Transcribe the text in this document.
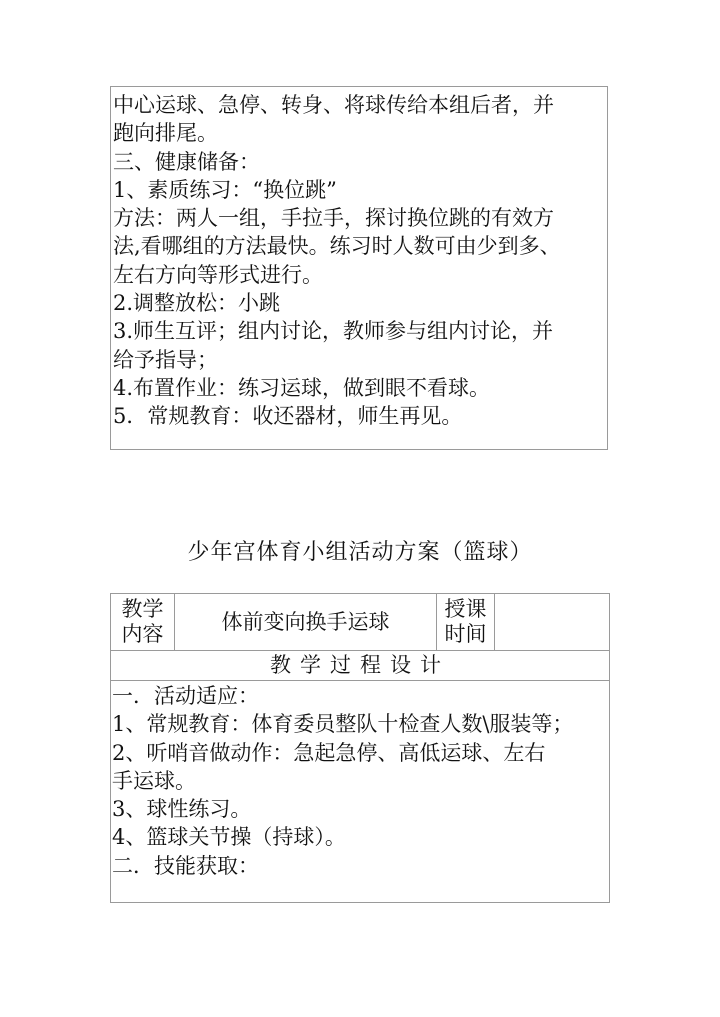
中心运球、急停、转身、将球传给本组后者，并
跑向排尾。
三、健康储备：
1、素质练习：“换位跳”
方法：两人一组，手拉手，探讨换位跳的有效方
法,看哪组的方法最快。练习时人数可由少到多、
左右方向等形式进行。
2.调整放松：小跳
3.师生互评；组内讨论，教师参与组内讨论，并
给予指导；
4.布置作业：练习运球，做到眼不看球。
5．常规教育：收还器材，师生再见。
少年宫体育小组活动方案（篮球）
教学
内容	体前变向换手运球
授课
时间
教学过程设计
一．活动适应：
1、常规教育：体育委员整队十检查人数\服装等；
2、听哨音做动作：急起急停、高低运球、左右
手运球。
3、球性练习。
4、篮球关节操（持球）。
二．技能获取：
